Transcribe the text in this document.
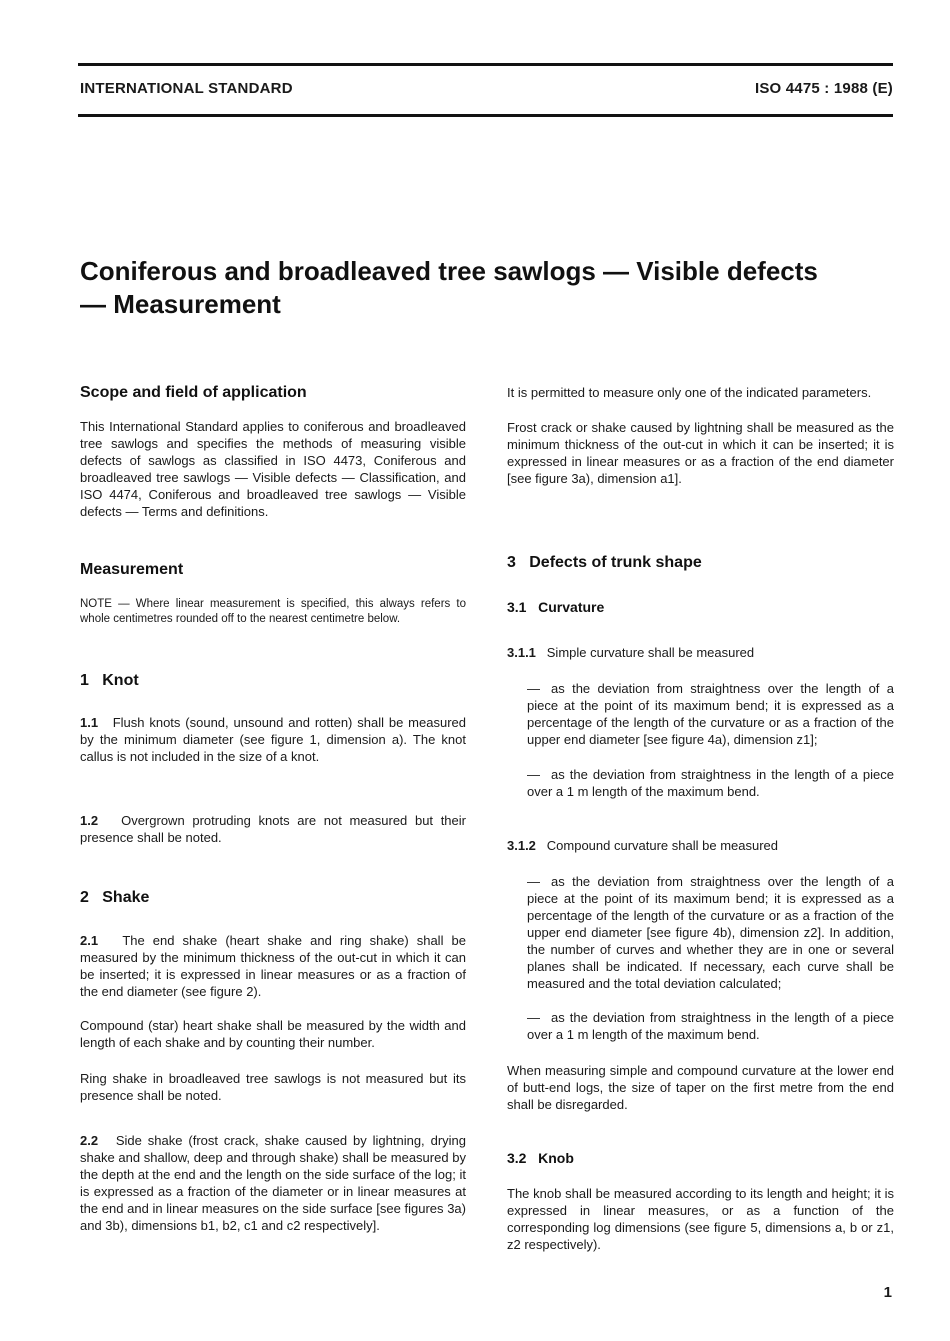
INTERNATIONAL STANDARD	ISO 4475 : 1988 (E)
Coniferous and broadleaved tree sawlogs — Visible defects — Measurement
Scope and field of application

This International Standard applies to coniferous and broadleaved tree sawlogs and specifies the methods of measuring visible defects of sawlogs as classified in ISO 4473, Coniferous and broadleaved tree sawlogs — Visible defects — Classification, and ISO 4474, Coniferous and broadleaved tree sawlogs — Visible defects — Terms and definitions.

Measurement

NOTE — Where linear measurement is specified, this always refers to whole centimetres rounded off to the nearest centimetre below.

1 Knot

1.1 Flush knots (sound, unsound and rotten) shall be measured by the minimum diameter (see figure 1, dimension a). The knot callus is not included in the size of a knot.

1.2 Overgrown protruding knots are not measured but their presence shall be noted.

2 Shake

2.1 The end shake (heart shake and ring shake) shall be measured by the minimum thickness of the out-cut in which it can be inserted; it is expressed in linear measures or as a fraction of the end diameter (see figure 2).

Compound (star) heart shake shall be measured by the width and length of each shake and by counting their number.

Ring shake in broadleaved tree sawlogs is not measured but its presence shall be noted.

2.2 Side shake (frost crack, shake caused by lightning, drying shake and shallow, deep and through shake) shall be measured by the depth at the end and the length on the side surface of the log; it is expressed as a fraction of the diameter or in linear measures at the end and in linear measures on the side surface [see figures 3a) and 3b), dimensions b1, b2, c1 and c2 respectively].

It is permitted to measure only one of the indicated parameters.

Frost crack or shake caused by lightning shall be measured as the minimum thickness of the out-cut in which it can be inserted; it is expressed in linear measures or as a fraction of the end diameter [see figure 3a), dimension a1].

3 Defects of trunk shape
3.1 Curvature

3.1.1 Simple curvature shall be measured

— as the deviation from straightness over the length of a piece at the point of its maximum bend; it is expressed as a percentage of the length of the curvature or as a fraction of the upper end diameter [see figure 4a), dimension z1];

— as the deviation from straightness in the length of a piece over a 1 m length of the maximum bend.

3.1.2 Compound curvature shall be measured

— as the deviation from straightness over the length of a piece at the point of its maximum bend; it is expressed as a percentage of the length of the curvature or as a fraction of the upper end diameter [see figure 4b), dimension z2]. In addition, the number of curves and whether they are in one or several planes shall be indicated. If necessary, each curve shall be measured and the total deviation calculated;

— as the deviation from straightness in the length of a piece over a 1 m length of the maximum bend.

When measuring simple and compound curvature at the lower end of butt-end logs, the size of taper on the first metre from the end shall be disregarded.

3.2 Knob

The knob shall be measured according to its length and height; it is expressed in linear measures, or as a function of the corresponding log dimensions (see figure 5, dimensions a, b or z1, z2 respectively).

1
